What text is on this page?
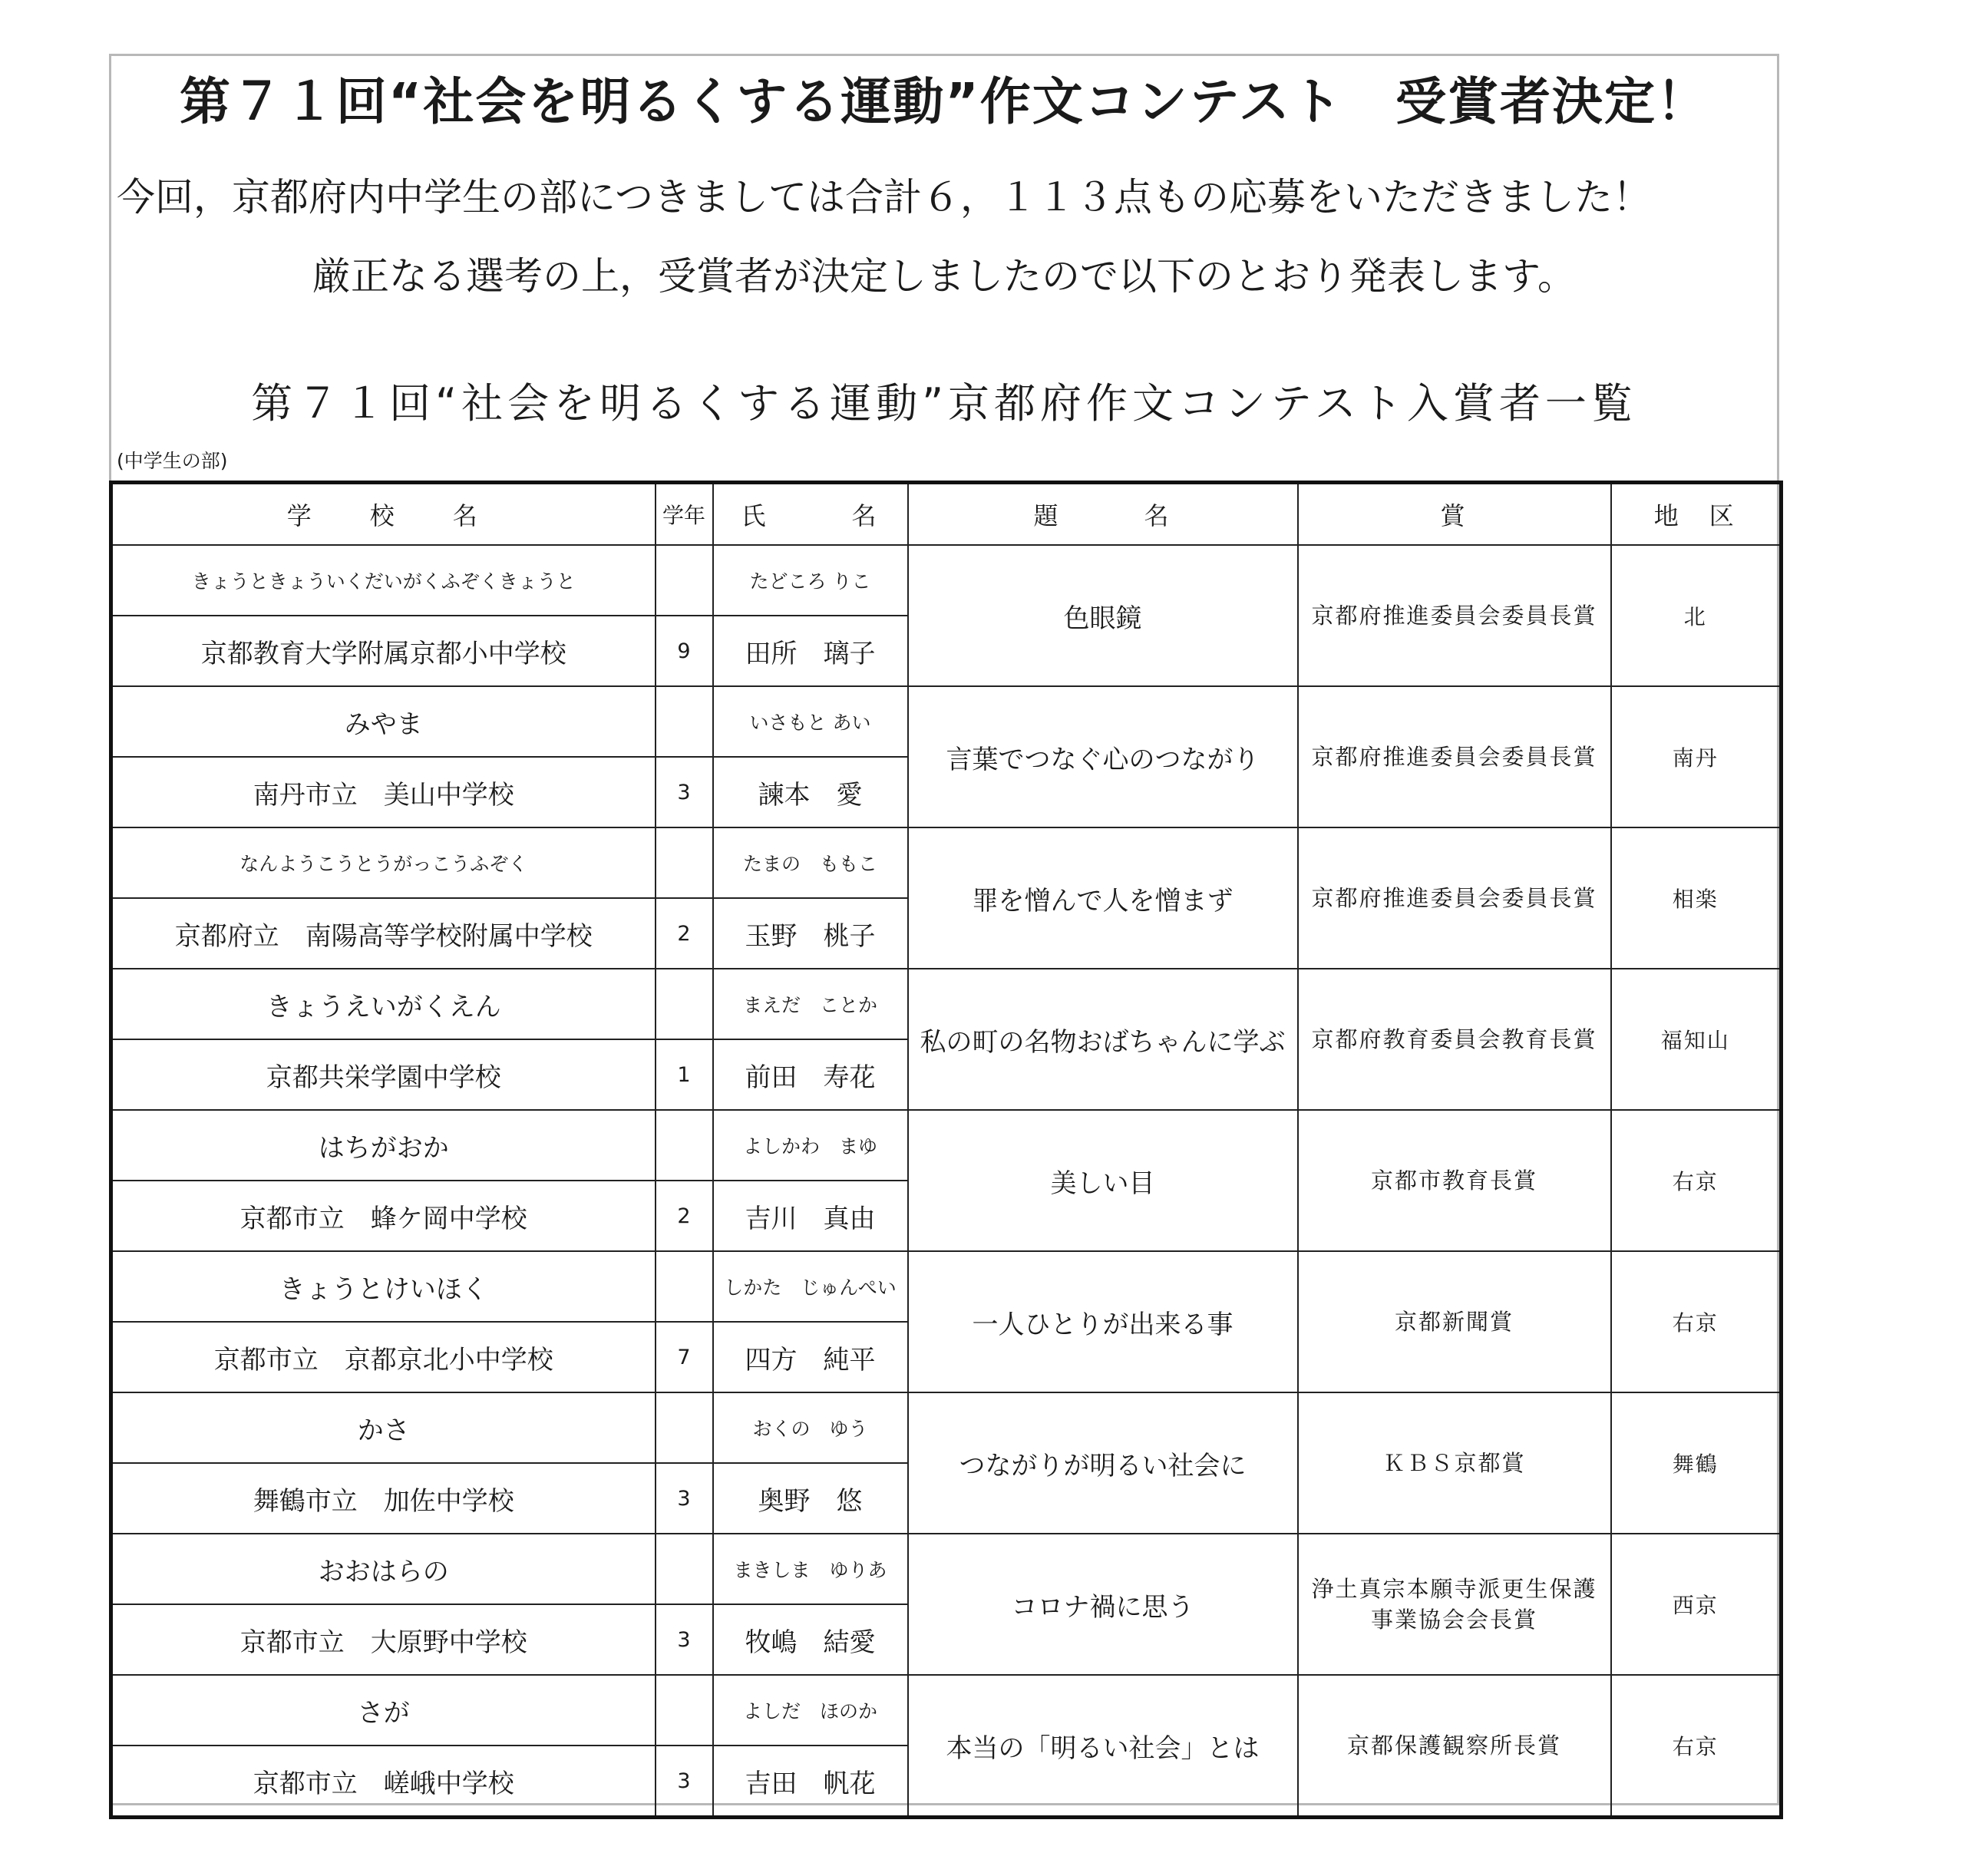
第７１回“社会を明るくする運動”作文コンテスト　受賞者決定！
今回，京都府内中学生の部につきましては合計６，１１３点もの応募をいただきました！
厳正なる選考の上，受賞者が決定しましたので以下のとおり発表します。
第７１回“社会を明るくする運動”京都府作文コンテスト入賞者一覧
(中学生の部)
学　　校　　名	学年	氏　　　名	題　　　名	賞	地　区
きょうときょういくだいがくふぞくきょうと		たどころ りこ	色眼鏡	京都府推進委員会委員長賞	北
京都教育大学附属京都小中学校	9	田所　璃子			
みやま		いさもと あい	言葉でつなぐ心のつながり	京都府推進委員会委員長賞	南丹
南丹市立　美山中学校	3	諫本　愛			
なんようこうとうがっこうふぞく		たまの　ももこ	罪を憎んで人を憎まず	京都府推進委員会委員長賞	相楽
京都府立　南陽高等学校附属中学校	2	玉野　桃子			
きょうえいがくえん		まえだ　ことか	私の町の名物おばちゃんに学ぶ	京都府教育委員会教育長賞	福知山
京都共栄学園中学校	1	前田　寿花			
はちがおか		よしかわ　まゆ	美しい目	京都市教育長賞	右京
京都市立　蜂ケ岡中学校	2	吉川　真由			
きょうとけいほく		しかた　じゅんぺい	一人ひとりが出来る事	京都新聞賞	右京
京都市立　京都京北小中学校	7	四方　純平			
かさ		おくの　ゆう	つながりが明るい社会に	ＫＢＳ京都賞	舞鶴
舞鶴市立　加佐中学校	3	奥野　悠			
おおはらの		まきしま　ゆりあ	コロナ禍に思う	浄土真宗本願寺派更生保護事業協会会長賞	西京
京都市立　大原野中学校	3	牧嶋　結愛			
さが		よしだ　ほのか	本当の「明るい社会」とは	京都保護観察所長賞	右京
京都市立　嵯峨中学校	3	吉田　帆花			
